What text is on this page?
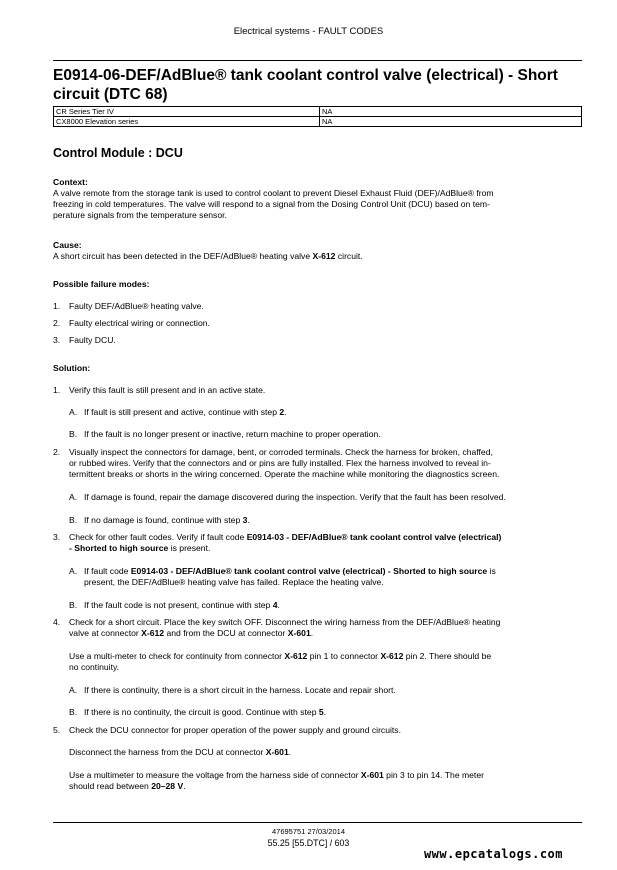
Electrical systems - FAULT CODES
E0914-06-DEF/AdBlue® tank coolant control valve (electrical) - Short circuit (DTC 68)
CR Series Tier IV	NA
CX8000 Elevation series	NA
Control Module : DCU

Context:

A valve remote from the storage tank is used to control coolant to prevent Diesel Exhaust Fluid (DEF)/AdBlue® from

freezing in cold temperatures. The valve will respond to a signal from the Dosing Control Unit (DCU) based on tem-

perature signals from the temperature sensor.

Cause:

A short circuit has been detected in the DEF/AdBlue® heating valve X-612 circuit.

Possible failure modes:
1. Faulty DEF/AdBlue® heating valve.
2. Faulty electrical wiring or connection.
3. Faulty DCU.
Solution:
1. Verify this fault is still present and in an active state.
A. If fault is still present and active, continue with step 2.
B. If the fault is no longer present or inactive, return machine to proper operation.
2. Visually inspect the connectors for damage, bent, or corroded terminals. Check the harness for broken, chaffed,
or rubbed wires. Verify that the connectors and or pins are fully installed. Flex the harness involved to reveal in-
termittent breaks or shorts in the wiring concerned. Operate the machine while monitoring the diagnostics screen.
A. If damage is found, repair the damage discovered during the inspection. Verify that the fault has been resolved.
B. If no damage is found, continue with step 3.
3. Check for other fault codes. Verify if fault code E0914-03 - DEF/AdBlue® tank coolant control valve (electrical)
- Shorted to high source is present.
A. If fault code E0914-03 - DEF/AdBlue® tank coolant control valve (electrical) - Shorted to high source is
present, the DEF/AdBlue® heating valve has failed. Replace the heating valve.
B. If the fault code is not present, continue with step 4.
4. Check for a short circuit. Place the key switch OFF. Disconnect the wiring harness from the DEF/AdBlue® heating
valve at connector X-612 and from the DCU at connector X-601.
Use a multi-meter to check for continuity from connector X-612 pin 1 to connector X-612 pin 2. There should be
no continuity.
A. If there is continuity, there is a short circuit in the harness. Locate and repair short.
B. If there is no continuity, the circuit is good. Continue with step 5.
5. Check the DCU connector for proper operation of the power supply and ground circuits.
Disconnect the harness from the DCU at connector X-601.
Use a multimeter to measure the voltage from the harness side of connector X-601 pin 3 to pin 14. The meter
should read between 20–28 V.
47695751 27/03/2014
55.25 [55.DTC] / 603
www.epcatalogs.com
